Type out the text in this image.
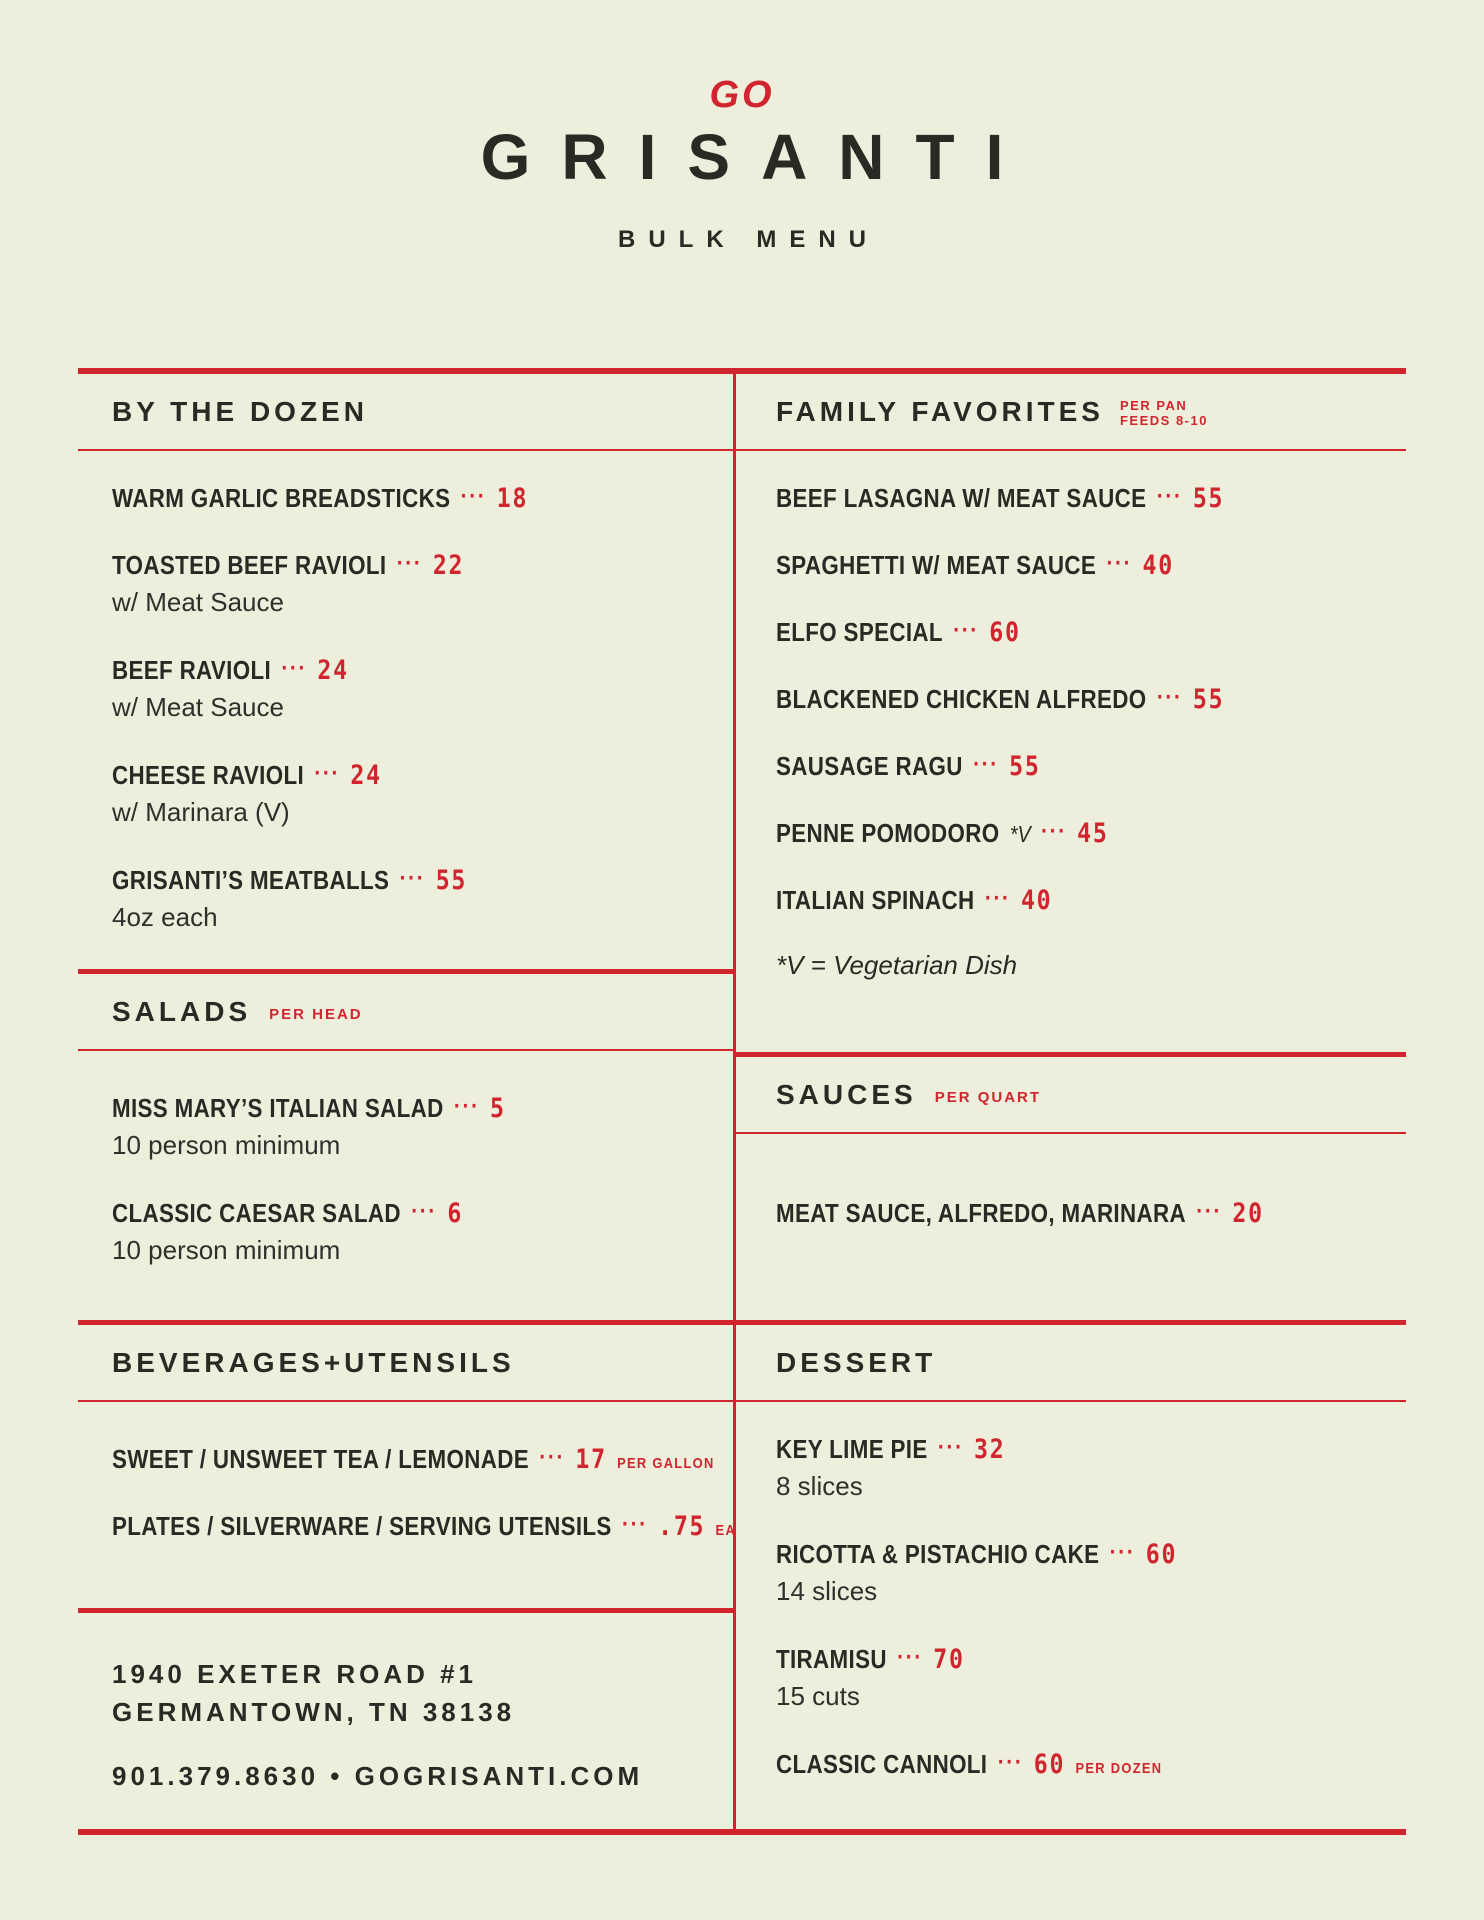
GO
GRISANTI
BULK MENU
BY THE DOZEN
WARM GARLIC BREADSTICKS ··· 18
TOASTED BEEF RAVIOLI ··· 22
w/ Meat Sauce
BEEF RAVIOLI ··· 24
w/ Meat Sauce
CHEESE RAVIOLI ··· 24
w/ Marinara (V)
GRISANTI’S MEATBALLS ··· 55
4oz each
SALADS PER HEAD
MISS MARY’S ITALIAN SALAD ··· 5
10 person minimum
CLASSIC CAESAR SALAD ··· 6
10 person minimum
BEVERAGES+UTENSILS
SWEET / UNSWEET TEA / LEMONADE ··· 17 PER GALLON
PLATES / SILVERWARE / SERVING UTENSILS ··· .75 EA
1940 EXETER ROAD #1
GERMANTOWN, TN 38138
901.379.8630 • GOGRISANTI.COM
FAMILY FAVORITES PER PAN
FEEDS 8-10
BEEF LASAGNA W/ MEAT SAUCE ··· 55
SPAGHETTI W/ MEAT SAUCE ··· 40
ELFO SPECIAL ··· 60
BLACKENED CHICKEN ALFREDO ··· 55
SAUSAGE RAGU ··· 55
PENNE POMODORO *V ··· 45
ITALIAN SPINACH ··· 40
*V = Vegetarian Dish
SAUCES PER QUART
MEAT SAUCE, ALFREDO, MARINARA ··· 20
DESSERT
KEY LIME PIE ··· 32
8 slices
RICOTTA & PISTACHIO CAKE ··· 60
14 slices
TIRAMISU ··· 70
15 cuts
CLASSIC CANNOLI ··· 60 PER DOZEN
